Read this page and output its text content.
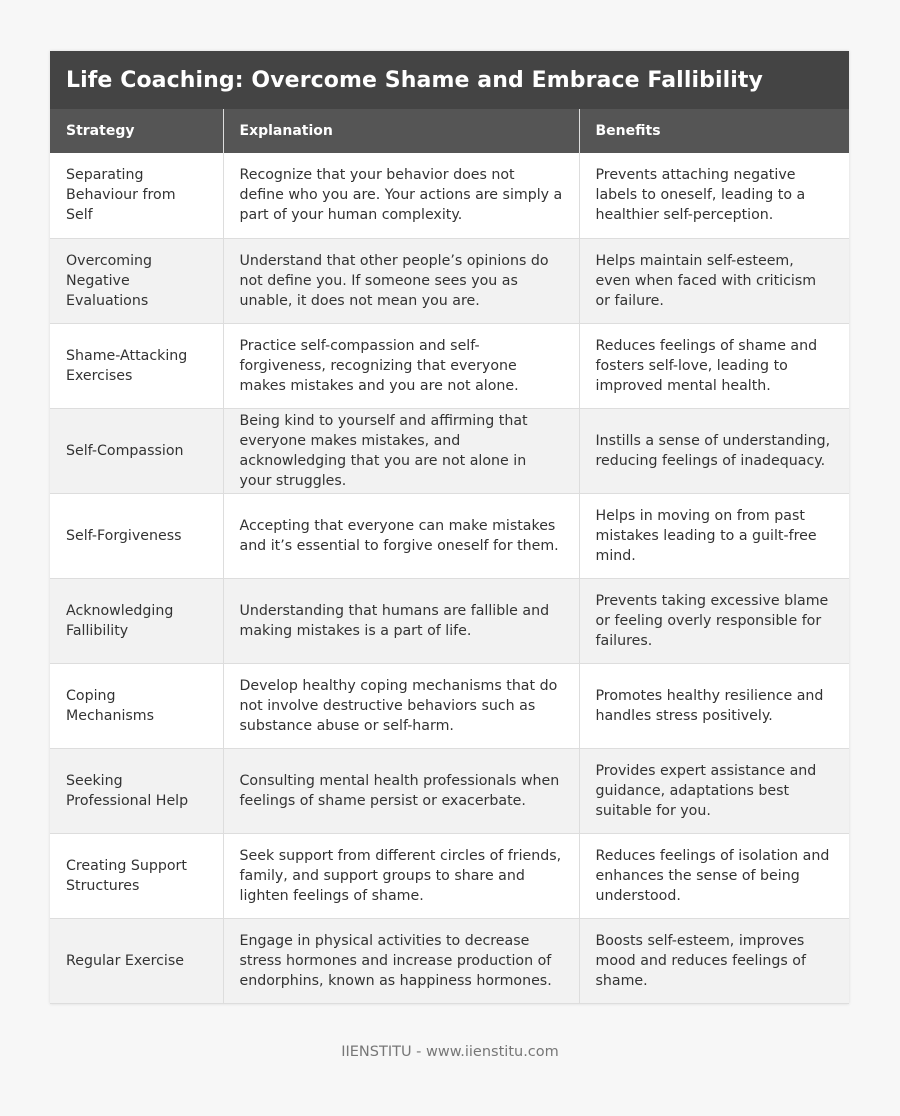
Life Coaching: Overcome Shame and Embrace Fallibility
Strategy	Explanation	Benefits
Separating Behaviour from Self	Recognize that your behavior does not define who you are. Your actions are simply a part of your human complexity.	Prevents attaching negative labels to oneself, leading to a healthier self-perception.
Overcoming Negative Evaluations	Understand that other people’s opinions do not define you. If someone sees you as unable, it does not mean you are.	Helps maintain self-esteem, even when faced with criticism or failure.
Shame-Attacking Exercises	Practice self-compassion and self-forgiveness, recognizing that everyone makes mistakes and you are not alone.	Reduces feelings of shame and fosters self-love, leading to improved mental health.
Self-Compassion	Being kind to yourself and affirming that everyone makes mistakes, and acknowledging that you are not alone in your struggles.	Instills a sense of understanding, reducing feelings of inadequacy.
Self-Forgiveness	Accepting that everyone can make mistakes and it’s essential to forgive oneself for them.	Helps in moving on from past mistakes leading to a guilt-free mind.
Acknowledging Fallibility	Understanding that humans are fallible and making mistakes is a part of life.	Prevents taking excessive blame or feeling overly responsible for failures.
Coping Mechanisms	Develop healthy coping mechanisms that do not involve destructive behaviors such as substance abuse or self-harm.	Promotes healthy resilience and handles stress positively.
Seeking Professional Help	Consulting mental health professionals when feelings of shame persist or exacerbate.	Provides expert assistance and guidance, adaptations best suitable for you.
Creating Support Structures	Seek support from different circles of friends, family, and support groups to share and lighten feelings of shame.	Reduces feelings of isolation and enhances the sense of being understood.
Regular Exercise	Engage in physical activities to decrease stress hormones and increase production of endorphins, known as happiness hormones.	Boosts self-esteem, improves mood and reduces feelings of shame.
IIENSTITU - www.iienstitu.com
